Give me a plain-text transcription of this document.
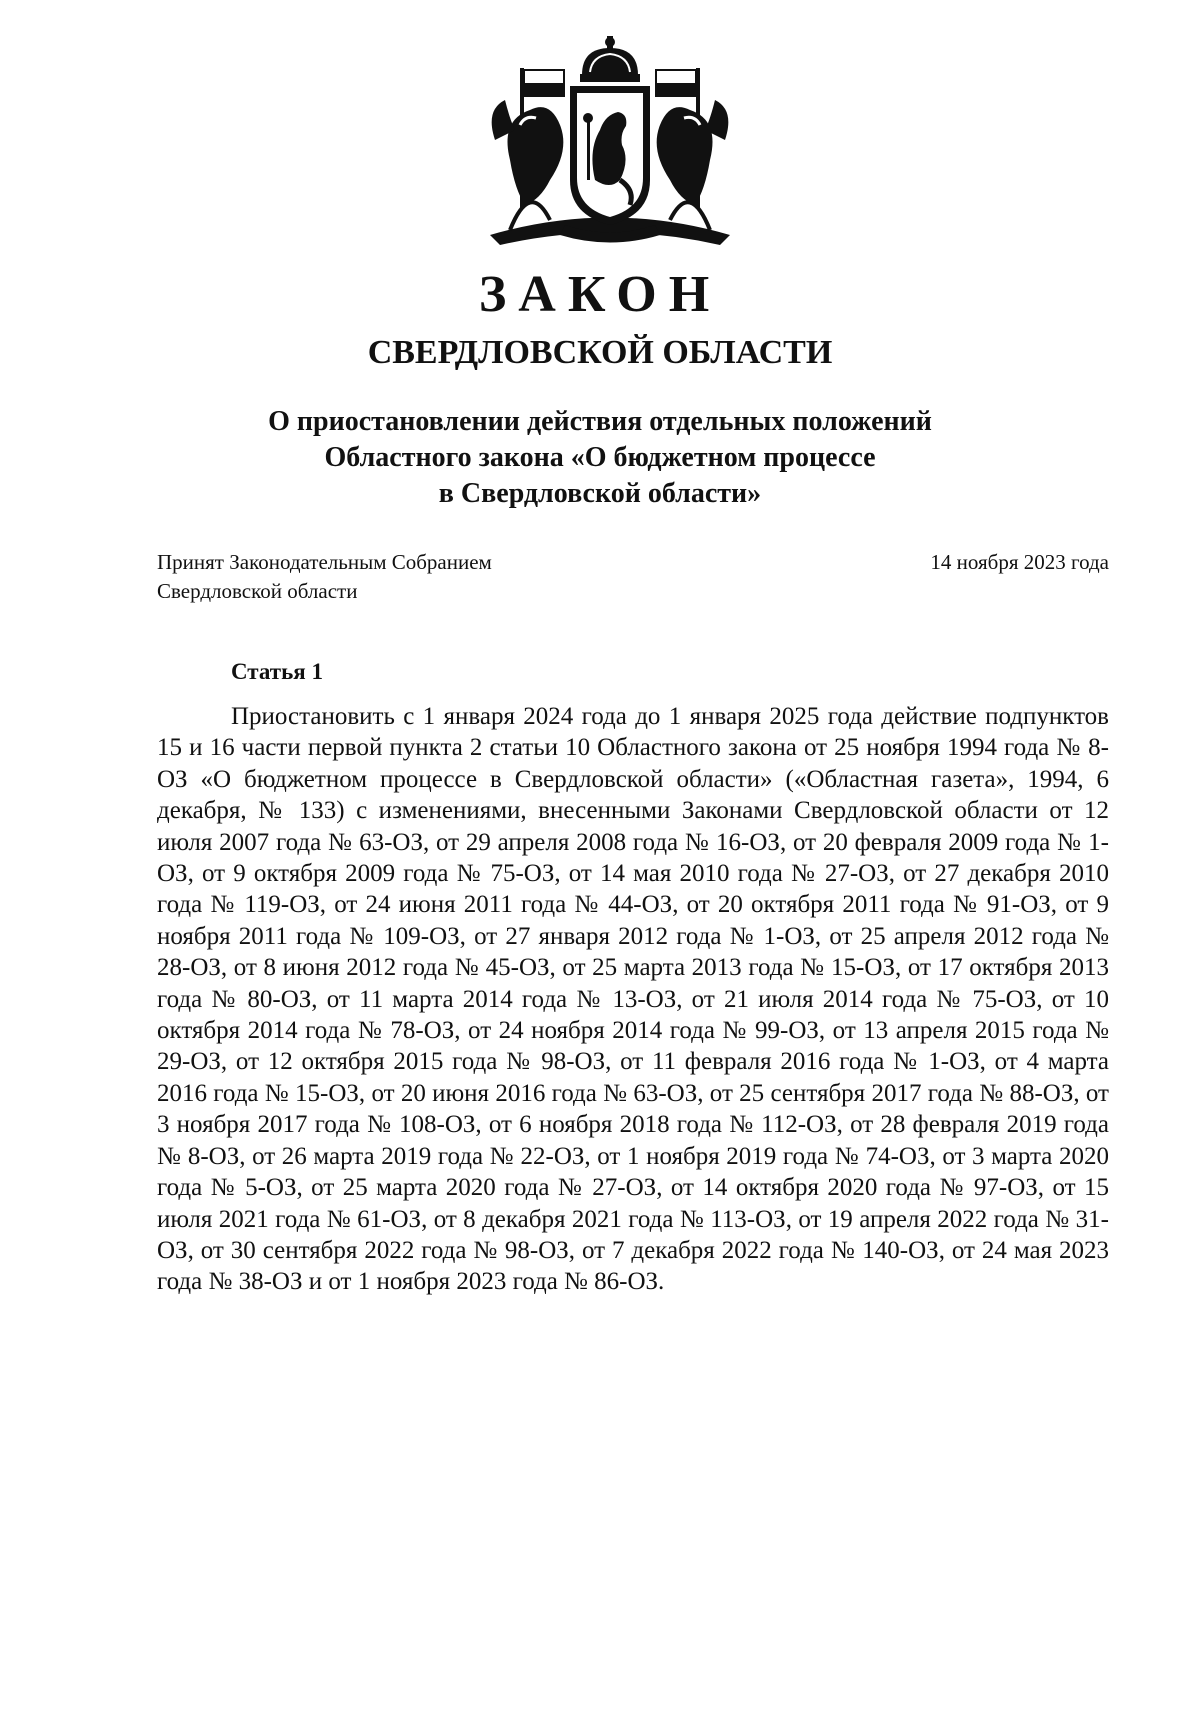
ЗАКОН
СВЕРДЛОВСКОЙ ОБЛАСТИ
О приостановлении действия отдельных положений
Областного закона «О бюджетном процессе
в Свердловской области»
Принят Законодательным Собранием
Свердловской области
14 ноября 2023 года
Статья 1

Приостановить с 1 января 2024 года до 1 января 2025 года действие подпунктов 15 и 16 части первой пункта 2 статьи 10 Областного закона от 25 ноября 1994 года № 8-ОЗ «О бюджетном процессе в Свердловской области» («Областная газета», 1994, 6 декабря, № 133) с изменениями, внесенными Законами Свердловской области от 12 июля 2007 года № 63-ОЗ, от 29 апреля 2008 года № 16-ОЗ, от 20 февраля 2009 года № 1-ОЗ, от 9 октября 2009 года № 75-ОЗ, от 14 мая 2010 года № 27-ОЗ, от 27 декабря 2010 года № 119-ОЗ, от 24 июня 2011 года № 44-ОЗ, от 20 октября 2011 года № 91-ОЗ, от 9 ноября 2011 года № 109-ОЗ, от 27 января 2012 года № 1-ОЗ, от 25 апреля 2012 года № 28-ОЗ, от 8 июня 2012 года № 45-ОЗ, от 25 марта 2013 года № 15-ОЗ, от 17 октября 2013 года № 80-ОЗ, от 11 марта 2014 года № 13-ОЗ, от 21 июля 2014 года № 75-ОЗ, от 10 октября 2014 года № 78-ОЗ, от 24 ноября 2014 года № 99-ОЗ, от 13 апреля 2015 года № 29-ОЗ, от 12 октября 2015 года № 98-ОЗ, от 11 февраля 2016 года № 1-ОЗ, от 4 марта 2016 года № 15-ОЗ, от 20 июня 2016 года № 63-ОЗ, от 25 сентября 2017 года № 88-ОЗ, от 3 ноября 2017 года № 108-ОЗ, от 6 ноября 2018 года № 112-ОЗ, от 28 февраля 2019 года № 8-ОЗ, от 26 марта 2019 года № 22-ОЗ, от 1 ноября 2019 года № 74-ОЗ, от 3 марта 2020 года № 5-ОЗ, от 25 марта 2020 года № 27-ОЗ, от 14 октября 2020 года № 97-ОЗ, от 15 июля 2021 года № 61-ОЗ, от 8 декабря 2021 года № 113-ОЗ, от 19 апреля 2022 года № 31-ОЗ, от 30 сентября 2022 года № 98-ОЗ, от 7 декабря 2022 года № 140-ОЗ, от 24 мая 2023 года № 38-ОЗ и от 1 ноября 2023 года № 86-ОЗ.
